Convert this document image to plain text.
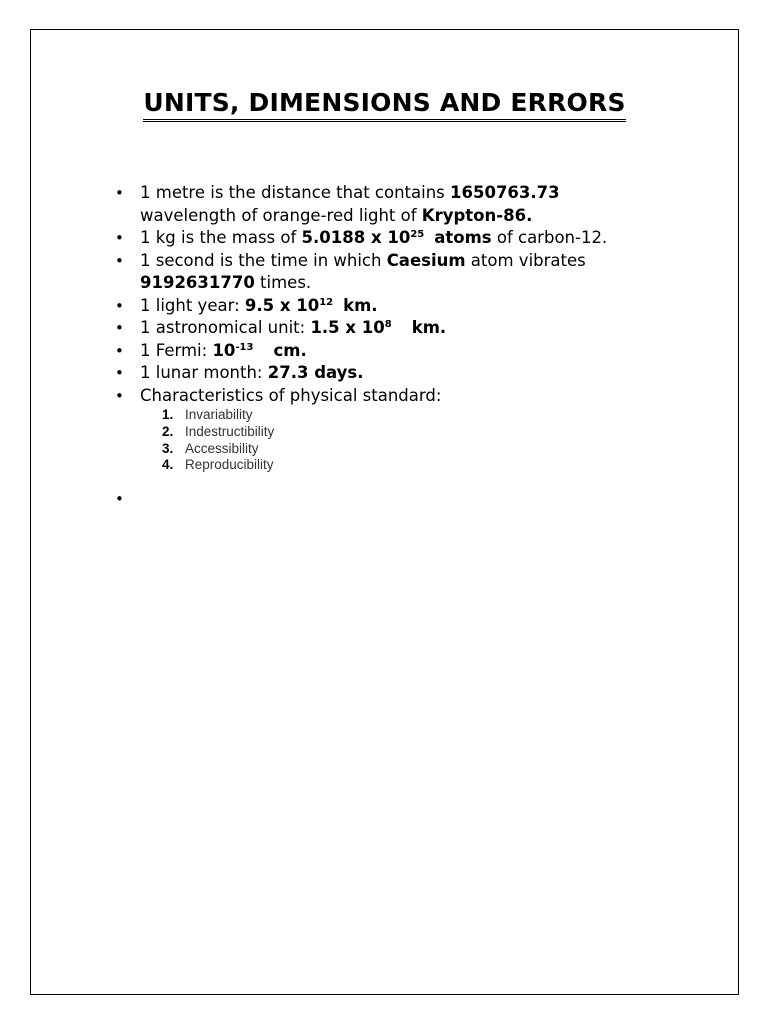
UNITS, DIMENSIONS AND ERRORS
• 1 metre is the distance that contains 1650763.73
wavelength of orange-red light of Krypton-86.
• 1 kg is the mass of 5.0188 x $10^{25}$ atoms of carbon-12.
• 1 second is the time in which Caesium atom vibrates
9192631770 times.
• 1 light year: 9.5 x $10^{12}$ km.
• 1 astronomical unit: 1.5 x $10^8$ km.
• 1 Fermi: $10^{-13}$ cm.
• 1 lunar month: 27.3 days.
• Characteristics of physical standard:
1. Invariability
2. Indestructibility
3. Accessibility
4. Reproducibility
•
